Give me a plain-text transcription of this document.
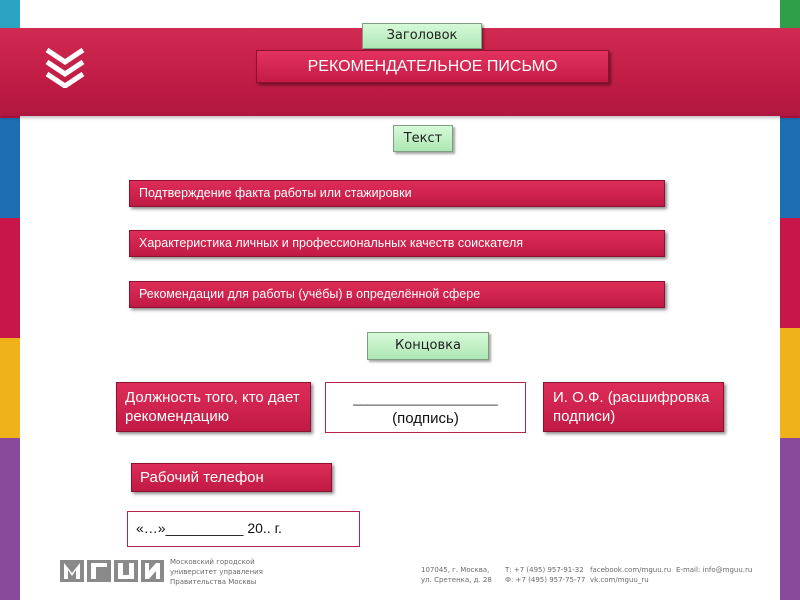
Заголовок
РЕКОМЕНДАТЕЛЬНОЕ ПИСЬМО
Текст
Подтверждение факта работы или стажировки
Характеристика личных и профессиональных качеств соискателя
Рекомендации для работы (учёбы) в определённой сфере
Концовка
Должность того, кто дает рекомендацию
____________________
(подпись)
И. О.Ф. (расшифровка подписи)
Рабочий телефон
«…»__________ 20.. г.
Московский городской
университет управления
Правительства Москвы
107045, г. Москва,
ул. Сретенка, д. 28
Т: +7 (495) 957-91-32
Ф: +7 (495) 957-75-77
facebook.com/mguu.ru
vk.com/mguu_ru
E-mail: info@mguu.ru
